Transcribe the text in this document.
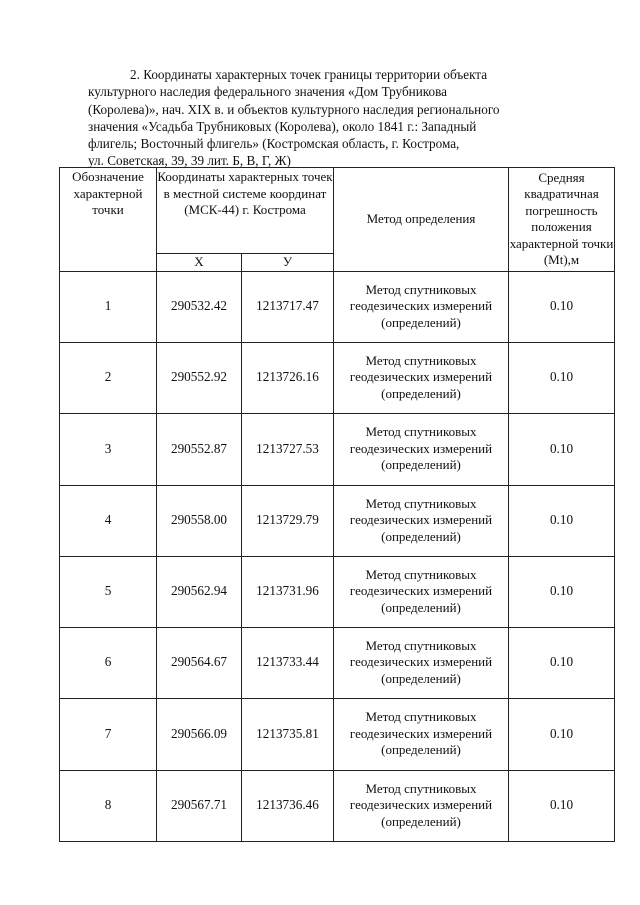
2. Координаты характерных точек границы территории объекта
культурного наследия федерального значения «Дом Трубникова
(Королева)», нач. XIX в. и объектов культурного наследия регионального
значения «Усадьба Трубниковых (Королева), около 1841 г.: Западный
флигель; Восточный флигель» (Костромская область, г. Кострома,
ул. Советская, 39, 39 лит. Б, В, Г, Ж)
Обозначение характерной точки	Координаты характерных точек в местной системе координат (МСК-44) г. Кострома		Метод определения	Средняя квадратичная погрешность положения характерной точки (Mt),м
	Х	У		
1	290532.42	1213717.47	Метод спутниковых геодезических измерений (определений)	0.10
2	290552.92	1213726.16	Метод спутниковых геодезических измерений (определений)	0.10
3	290552.87	1213727.53	Метод спутниковых геодезических измерений (определений)	0.10
4	290558.00	1213729.79	Метод спутниковых геодезических измерений (определений)	0.10
5	290562.94	1213731.96	Метод спутниковых геодезических измерений (определений)	0.10
6	290564.67	1213733.44	Метод спутниковых геодезических измерений (определений)	0.10
7	290566.09	1213735.81	Метод спутниковых геодезических измерений (определений)	0.10
8	290567.71	1213736.46	Метод спутниковых геодезических измерений (определений)	0.10
